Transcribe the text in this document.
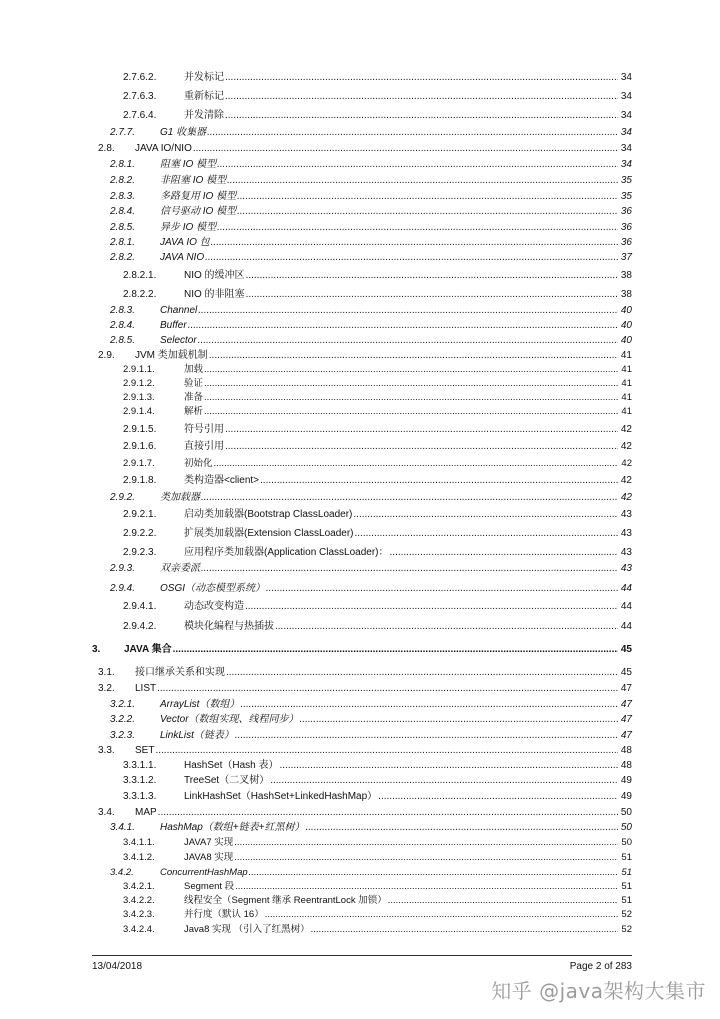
2.7.6.2.	并发标记 .....	34
2.7.6.3.	重新标记 .....	34
2.7.6.4.	并发清除 .....	34
2.7.7.	G1 收集器 .....	34
2.8.	JAVA IO/NIO .....	34
2.8.1.	阻塞 IO 模型 .....	34
2.8.2.	非阻塞 IO 模型 .....	35
2.8.3.	多路复用 IO 模型 .....	35
2.8.4.	信号驱动 IO 模型 .....	36
2.8.5.	异步 IO 模型 .....	36
2.8.1.	JAVA IO 包 .....	36
2.8.2.	JAVA NIO .....	37
2.8.2.1.	NIO 的缓冲区 .....	38
2.8.2.2.	NIO 的非阻塞 .....	38
2.8.3.	Channel .....	40
2.8.4.	Buffer .....	40
2.8.5.	Selector .....	40
2.9.	JVM 类加载机制 .....	41
2.9.1.1.	加载 .....	41
2.9.1.2.	验证 .....	41
2.9.1.3.	准备 .....	41
2.9.1.4.	解析 .....	41
2.9.1.5.	符号引用 .....	42
2.9.1.6.	直接引用 .....	42
2.9.1.7.	初始化 .....	42
2.9.1.8.	类构造器<client> .....	42
2.9.2.	类加载器 .....	42
2.9.2.1.	启动类加载器(Bootstrap ClassLoader) .....	43
2.9.2.2.	扩展类加载器(Extension ClassLoader) .....	43
2.9.2.3.	应用程序类加载器(Application ClassLoader)： .....	43
2.9.3.	双亲委派 .....	43
2.9.4.	OSGI（动态模型系统） .....	44
2.9.4.1.	动态改变构造 .....	44
2.9.4.2.	模块化编程与热插拔 .....	44
3.	JAVA 集合 .....	45
3.1.	接口继承关系和实现 .....	45
3.2.	LIST .....	47
3.2.1.	ArrayList（数组） .....	47
3.2.2.	Vector（数组实现、线程同步） .....	47
3.2.3.	LinkList（链表） .....	47
3.3.	SET .....	48
3.3.1.1.	HashSet（Hash 表） .....	48
3.3.1.2.	TreeSet（二叉树） .....	49
3.3.1.3.	LinkHashSet（HashSet+LinkedHashMap） .....	49
3.4.	MAP .....	50
3.4.1.	HashMap（数组+链表+红黑树） .....	50
3.4.1.1.	JAVA7 实现 .....	50
3.4.1.2.	JAVA8 实现 .....	51
3.4.2.	ConcurrentHashMap .....	51
3.4.2.1.	Segment 段 .....	51
3.4.2.2.	线程安全（Segment 继承 ReentrantLock 加锁） .....	51
3.4.2.3.	并行度（默认 16） .....	52
3.4.2.4.	Java8 实现 （引入了红黑树） .....	52
13/04/2018	Page 2 of 283
知乎 @java架构大集市
